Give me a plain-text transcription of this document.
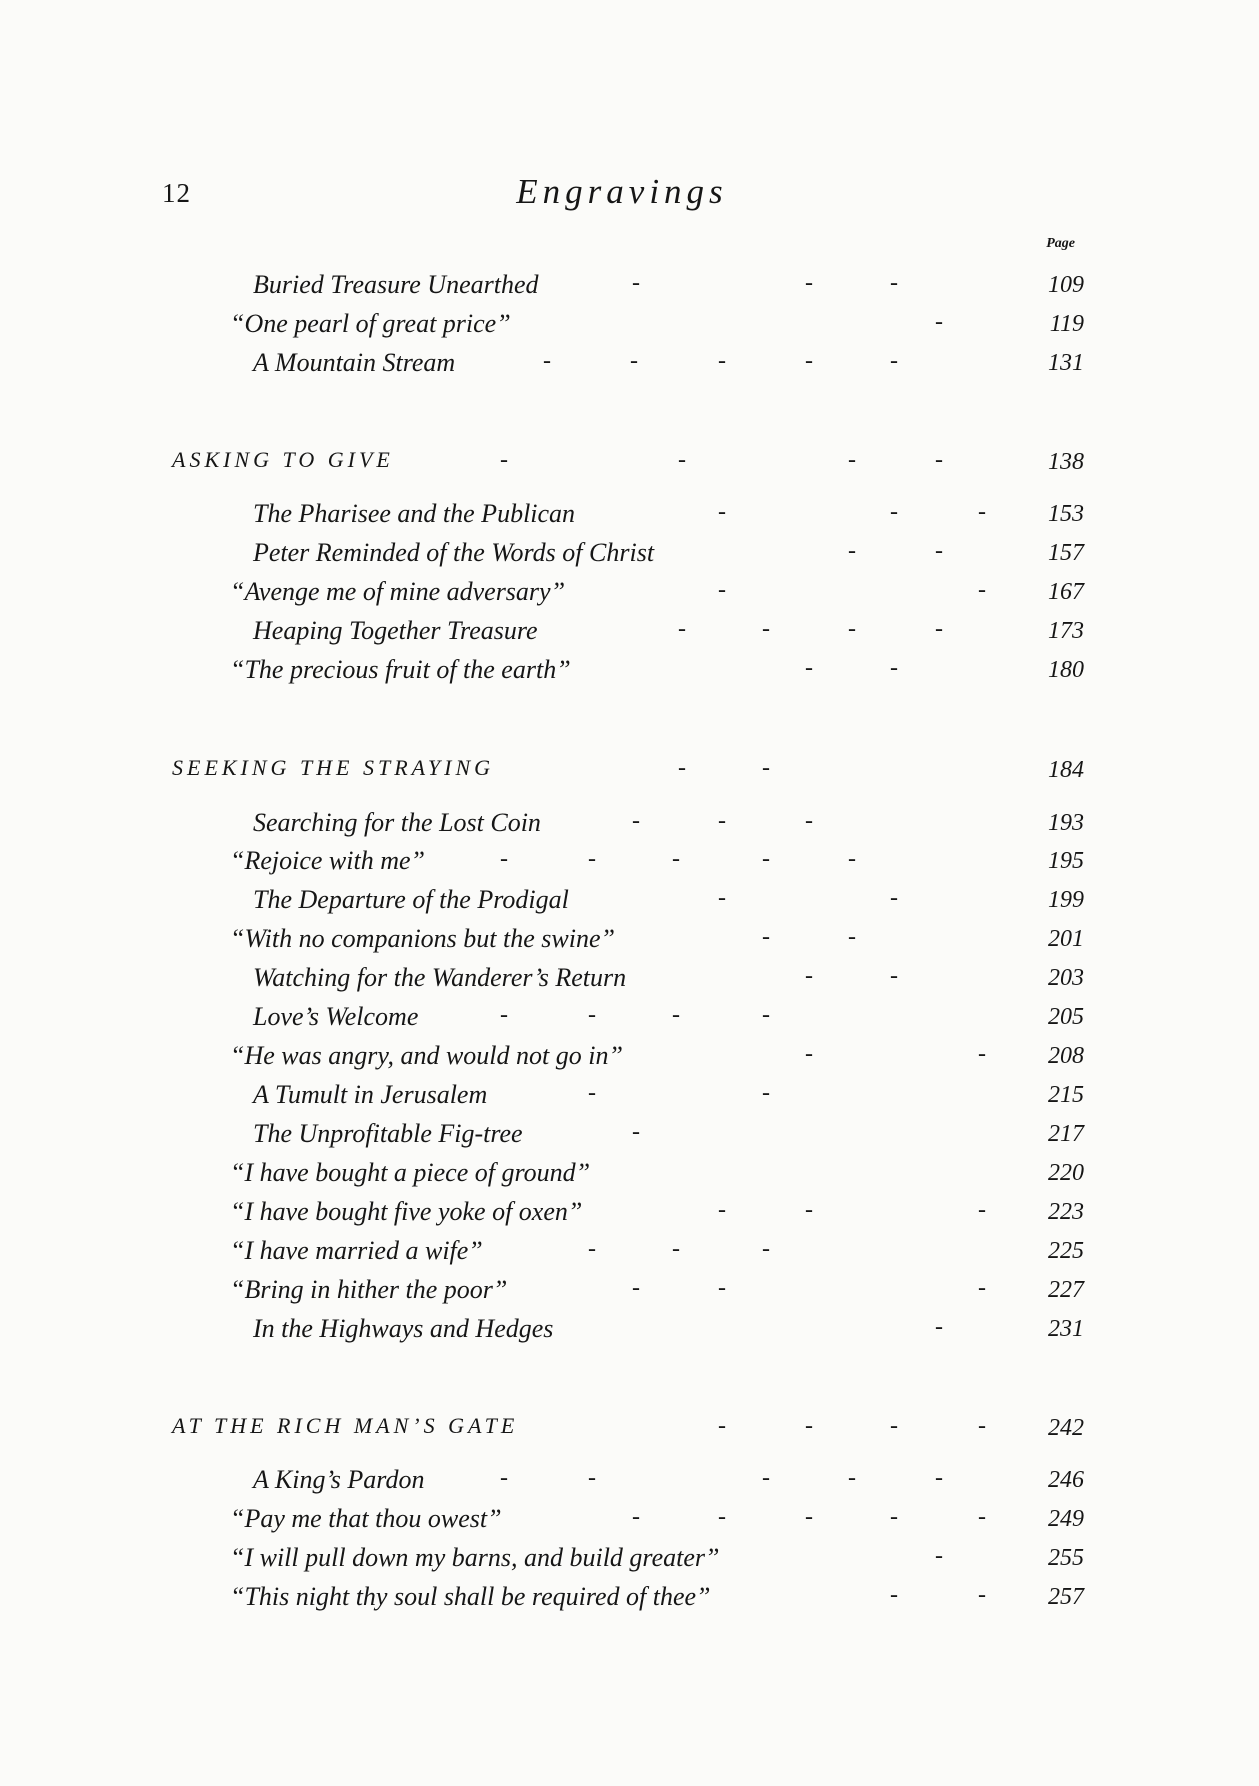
12	Engravings
Page
Buried Treasure Unearthed	-	-	-	109
“One pearl of great price”	-	119
A Mountain Stream	-	-	-	-	-	131
ASKING TO GIVE	-	-	-	-	138
The Pharisee and the Publican	-	-	-	153
Peter Reminded of the Words of Christ	-	-	157
“Avenge me of mine adversary”	-	-	167
Heaping Together Treasure	-	-	-	-	173
“The precious fruit of the earth”	-	-	180
SEEKING THE STRAYING	-	-	184
Searching for the Lost Coin	-	-	-	193
“Rejoice with me”	-	-	-	-	-	195
The Departure of the Prodigal	-	-	199
“With no companions but the swine”	-	-	201
Watching for the Wanderer’s Return	-	-	203
Love’s Welcome	-	-	-	-	205
“He was angry, and would not go in”	-	-	208
A Tumult in Jerusalem	-	-	215
The Unprofitable Fig-tree	-	217
“I have bought a piece of ground”	220
“I have bought five yoke of oxen”	-	-	-	223
“I have married a wife”	-	-	-	225
“Bring in hither the poor”	-	-	-	227
In the Highways and Hedges	-	231
AT THE RICH MAN’S GATE	-	-	-	-	242
A King’s Pardon	-	-	-	-	-	246
“Pay me that thou owest”	-	-	-	-	-	249
“I will pull down my barns, and build greater”	-	255
“This night thy soul shall be required of thee”	-	-	257
